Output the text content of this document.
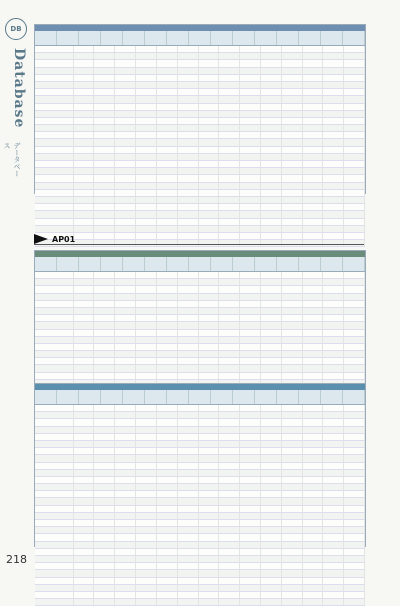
DB
Database
データベース
AP01
218
